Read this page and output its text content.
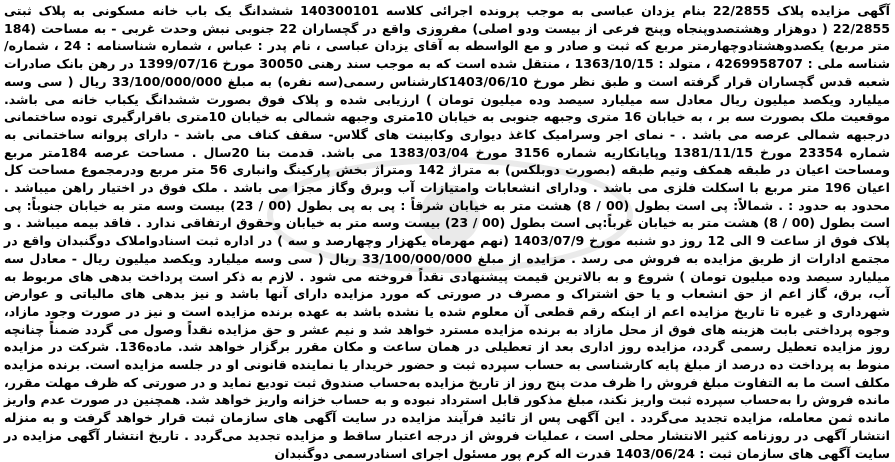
آگهی مزایده پلاک 22/2855 بنام یزدان عباسی به موجب پرونده اجرائی کلاسه 140300101 ششدانگ یک باب خانه مسکونی به پلاک ثبتی 22/2855 ( دوهزار وهشتصدوپنجاه وپنج فرعی از بیست ودو اصلی) مفروزی واقع در گچساران 22 جنوبی نبش وحدت غربی - به مساحت (184 متر مربع) یکصدوهشتادوچهارمتر مربع که ثبت و صادر و مع الواسطه به آقای یزدان عباسی ، نام پدر : عباس ، شماره شناسنامه : 24 ، شماره/شناسه ملی : 4269958707 ، متولد : 1363/10/15 ، منتقل شده است که به موجب سند رهنی 30050 مورخ 1399/07/16 در رهن بانک صادرات شعبه قدس گچساران قرار گرفته است و طبق نظر مورخ 1403/06/10کارشناس رسمی(سه نفره) به مبلغ 33/100/000/000 ریال ( سی وسه میلیارد ویکصد میلیون ریال معادل سه میلیارد سیصد وده میلیون تومان ) ارزیابی شده و پلاک فوق بصورت ششدانگ یکباب خانه می باشد. موقعیت ملک بصورت سه بر ، به خیابان 16 متری وجبهه جنوبی به خیابان 10متری وجبهه شمالی به خیابان 10متری باقرارگیری توده ساختمانی درجبهه شمالی عرصه می باشد . - نمای اجر وسرامیک کاغذ دیواری وکابینت های گلاس- سقف کناف می باشد - دارای پروانه ساختمانی به شماره 23354 مورخ 1381/11/15 وپایانکاریه شماره 3156 مورخ 1383/03/04 می باشد. قدمت بنا 20سال . مساحت عرصه 184متر مربع ومساحت اعیان در طبقه همکف وتیم طبقه (بصورت دوبلکس) به متراژ 142 ومتراژ بخش پارکینگ وانباری 56 متر مربع ودرمجموع مساحت کل اعیان 196 متر مربع با اسکلت فلزی می باشد . ودارای انشعابات وامتیازات آب وبرق وگاز مجزا می باشد . ملک فوق در اختیار راهن میباشد . محدود به حدود : . شمالاً: پی است بطول (00 / 8) هشت متر به خیابان شرقاً : پی به پی بطول (00 / 23) بیست وسه متر به خیابان جنوباً: پی است بطول (00 / 8) هشت متر به خیابان غرباً:پی است بطول (00 / 23) بیست وسه متر به خیابان وحقوق ارتفاقی ندارد . فاقد بیمه میباشد . و پلاک فوق از ساعت 9 الی 12 روز دو شنبه مورخ 1403/07/9 (نهم مهرماه یکهزار وچهارصد و سه ) در اداره ثبت اسنادواملاک دوگنبدان واقع در مجتمع ادارات از طریق مزایده به فروش می رسد . مزایده از مبلغ 33/100/000/000 ریال ( سی وسه میلیارد ویکصد میلیون ریال - معادل سه میلیارد سیصد وده میلیون تومان ) شروع و به بالاترین قیمت پیشنهادی نقداً فروخته می شود . لازم به ذکر است پرداخت بدهی های مربوط به آب، برق، گاز اعم از حق انشعاب و یا حق اشتراک و مصرف در صورتی که مورد مزایده دارای آنها باشد و نیز بدهی های مالیاتی و عوارض شهرداری و غیره تا تاریخ مزایده اعم از اینکه رقم قطعی آن معلوم شده یا نشده باشد به عهده برنده مزایده است و نیز در صورت وجود مازاد، وجوه پرداختی بابت هزینه های فوق از محل مازاد به برنده مزایده مسترد خواهد شد و نیم عشر و حق مزایده نقداً وصول می گردد ضمناً چنانچه روز مزایده تعطیل رسمی گردد، مزایده روز اداری بعد از تعطیلی در همان ساعت و مکان مقرر برگزار خواهد شد. ماده136. شرکت در مزایده منوط به پرداخت ده درصد از مبلغ پایه کارشناسی به حساب سپرده ثبت و حضور خریدار یا نماینده قانونی او در جلسه مزایده است. برنده مزایده مکلف است ما به التفاوت مبلغ فروش را ظرف مدت پنج روز از تاریخ مزایده به‌حساب صندوق ثبت تودیع نماید و در صورتی که ظرف مهلت مقرر، مانده فروش را به‌حساب سپرده ثبت واریز نکند، مبلغ مذکور قابل استرداد نبوده و به حساب خزانه واریز خواهد شد. همچنین در صورت عدم واریز مانده ثمن معامله، مزایده تجدید می‌گردد . این آگهی پس از تائید فرآیند مزایده در سایت آگهی های سازمان ثبت قرار خواهد گرفت و به منزله انتشار آگهی در روزنامه کثیر الانتشار محلی است ، عملیات فروش از درجه اعتبار ساقط و مزایده تجدید می‌گردد . تاریخ انتشار آگهی مزایده در سایت آگهی های سازمان ثبت : 1403/06/24 قدرت اله کرم پور مسئول اجرای اسنادرسمی دوگنبدان
